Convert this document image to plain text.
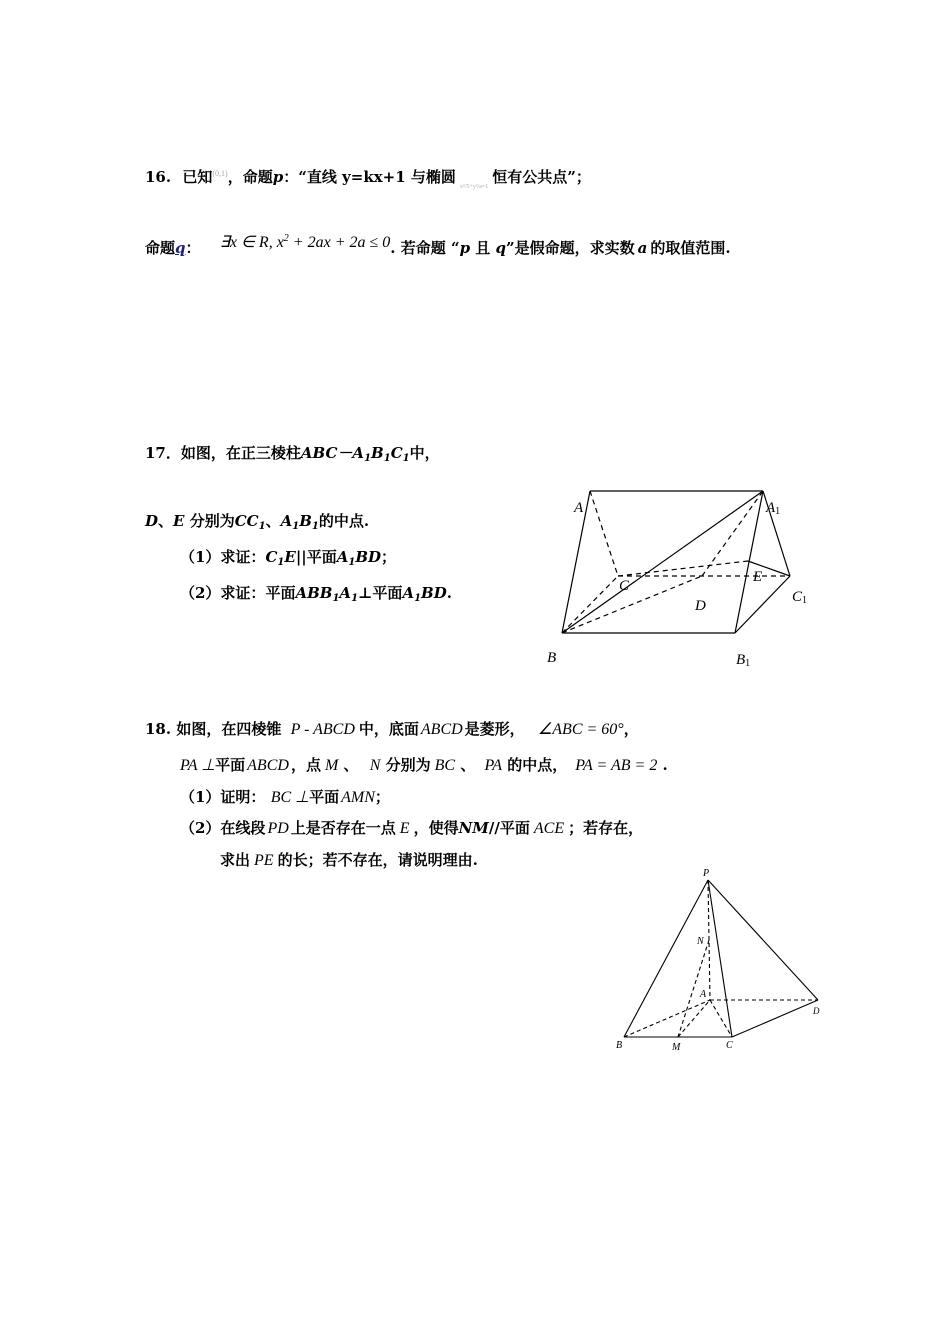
16. 已知$^{(0,1)}$，命题p：“直线 y=kx+1 与椭圆$_{x^2/5+y^2/a=1}$恒有公共点”；
命题q： ∃x ∈ R, $x^2 + 2ax + 2a \le 0$. 若命题 “p 且 q”是假命题，求实数 a 的取值范围.
17．如图，在正三棱柱$ABC-A_1B_1C_1$中，
D、E 分别为$CC_1$、$A_1B_1$的中点.
（1）求证：$C_1E||$平面$A_1BD$；
（2）求证：平面$ABB_1A_1\perp$平面$A_1BD$.
A	A1
C
E
D
C1
B	B1
18. 如图，在四棱锥 P - ABCD 中，底面 ABCD 是菱形， ∠ABC = 60°，
PA ⊥平面 ABCD ，点 M 、 N 分别为 BC 、 PA 的中点， PA = AB = 2 .
（1）证明： BC ⊥平面 AMN；
（2）在线段 PD 上是否存在一点 E ，使得NM//平面 ACE ；若存在，
求出 PE 的长；若不存在，请说明理由.
P
N
A
D
B	M	C
